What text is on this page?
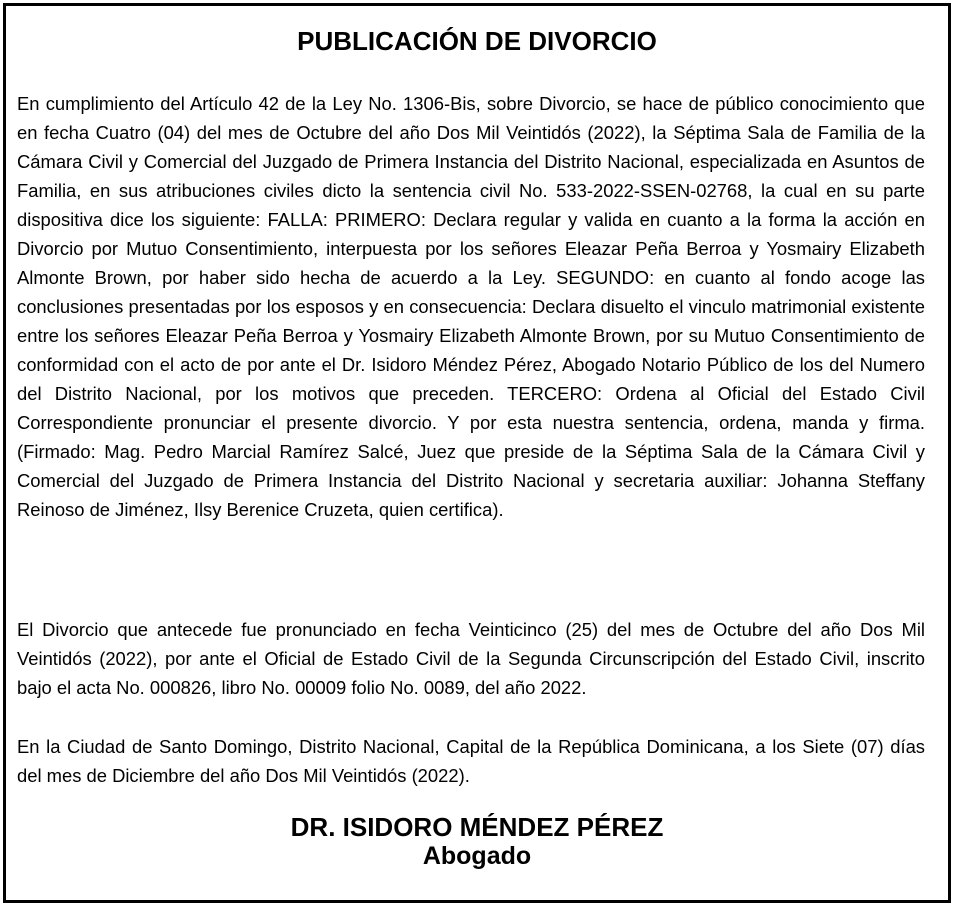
PUBLICACIÓN DE DIVORCIO

En cumplimiento del Artículo 42 de la Ley No. 1306-Bis, sobre Divorcio, se hace de público conocimiento que en fecha Cuatro (04) del mes de Octubre del año Dos Mil Veintidós (2022), la Séptima Sala de Familia de la Cámara Civil y Comercial del Juzgado de Primera Instancia del Distrito Nacional, especializada en Asuntos de Familia, en sus atribuciones civiles dicto la sentencia civil No. 533-2022-SSEN-02768, la cual en su parte dispositiva dice los siguiente: FALLA: PRIMERO: Declara regular y valida en cuanto a la forma la acción en Divorcio por Mutuo Consentimiento, interpuesta por los señores Eleazar Peña Berroa y Yosmairy Elizabeth Almonte Brown, por haber sido hecha de acuerdo a la Ley. SEGUNDO: en cuanto al fondo acoge las conclusiones presentadas por los esposos y en consecuencia: Declara disuelto el vinculo matrimonial existente entre los señores Eleazar Peña Berroa y Yosmairy Elizabeth Almonte Brown, por su Mutuo Consentimiento de conformidad con el acto de por ante el Dr. Isidoro Méndez Pérez, Abogado Notario Público de los del Numero del Distrito Nacional, por los motivos que preceden. TERCERO: Ordena al Oficial del Estado Civil Correspondiente pronunciar el presente divorcio. Y por esta nuestra sentencia, ordena, manda y firma. (Firmado: Mag. Pedro Marcial Ramírez Salcé, Juez que preside de la Séptima Sala de la Cámara Civil y Comercial del Juzgado de Primera Instancia del Distrito Nacional y secretaria auxiliar: Johanna Steffany Reinoso de Jiménez, Ilsy Berenice Cruzeta, quien certifica).

El Divorcio que antecede fue pronunciado en fecha Veinticinco (25) del mes de Octubre del año Dos Mil Veintidós (2022), por ante el Oficial de Estado Civil de la Segunda Circunscripción del Estado Civil, inscrito bajo el acta No. 000826, libro No. 00009 folio No. 0089, del año 2022.

En la Ciudad de Santo Domingo, Distrito Nacional, Capital de la República Dominicana, a los Siete (07) días del mes de Diciembre del año Dos Mil Veintidós (2022).

DR. ISIDORO MÉNDEZ PÉREZ
Abogado
